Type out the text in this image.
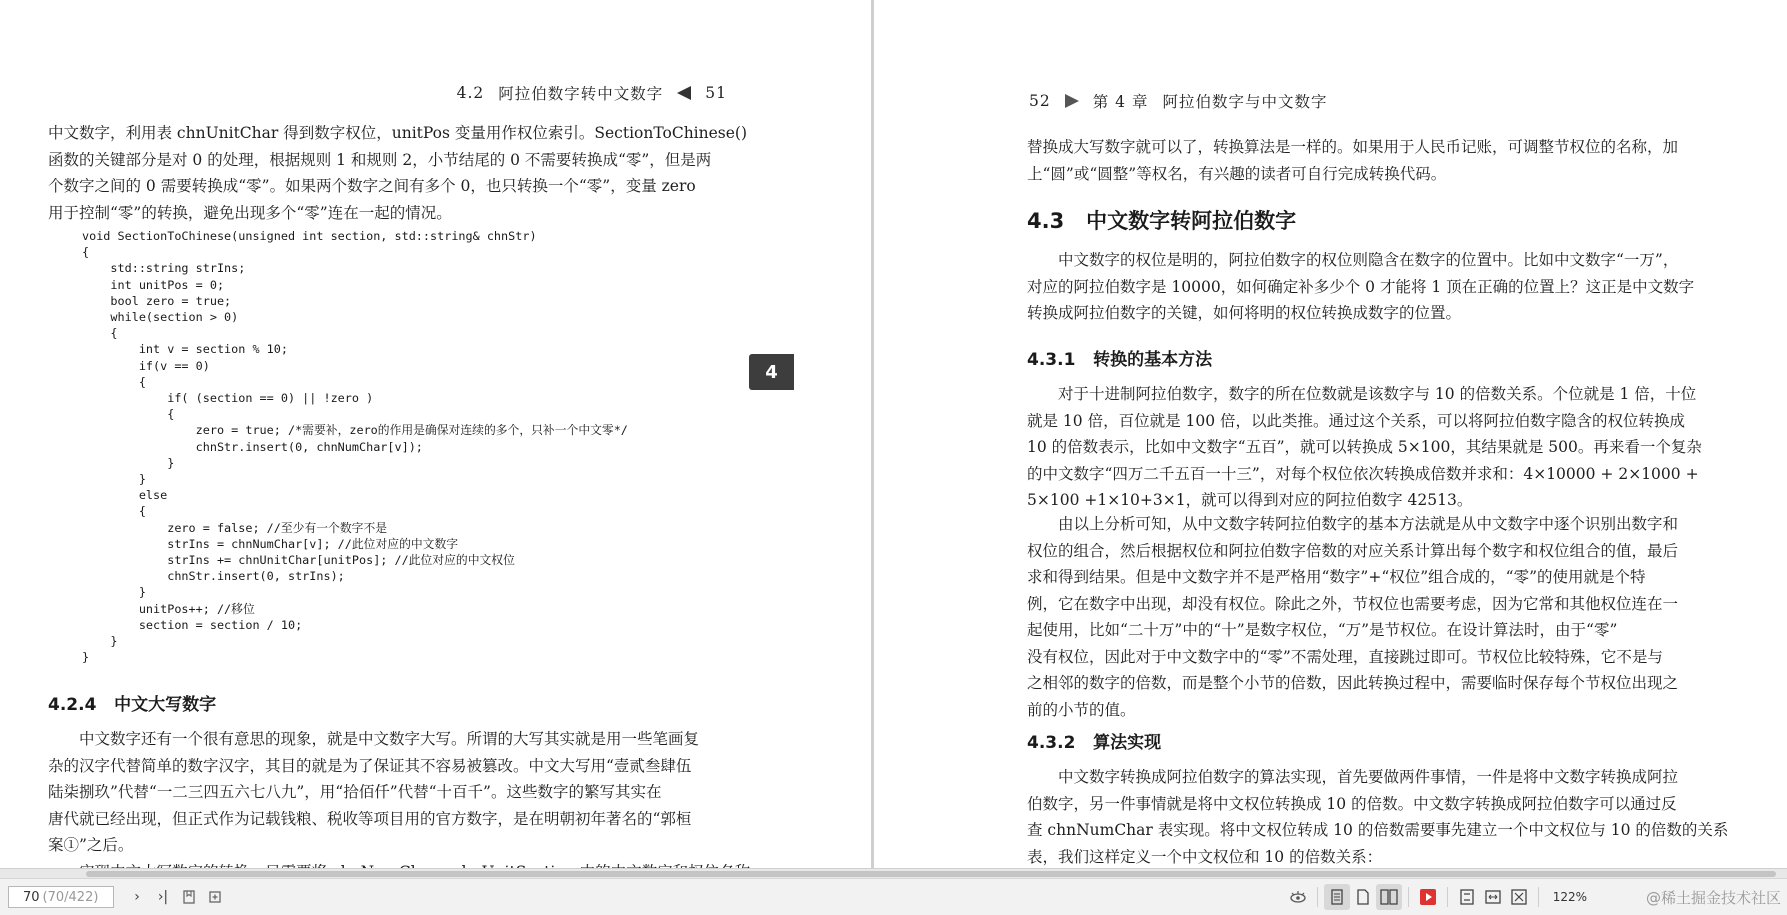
4.2 阿拉伯数字转中文数字	51
中文数字，利用表 chnUnitChar 得到数字权位，unitPos 变量用作权位索引。SectionToChinese()
函数的关键部分是对 0 的处理，根据规则 1 和规则 2，小节结尾的 0 不需要转换成“零”，但是两
个数字之间的 0 需要转换成“零”。如果两个数字之间有多个 0，也只转换一个“零”，变量 zero
用于控制“零”的转换，避免出现多个“零”连在一起的情况。
void SectionToChinese(unsigned int section, std::string& chnStr)
{
std::string strIns;
int unitPos = 0;
bool zero = true;
while(section > 0)
{
int v = section % 10;
if(v == 0)
{
if( (section == 0) || !zero )
{
zero = true; /*需要补，zero的作用是确保对连续的多个，只补一个中文零*/
chnStr.insert(0, chnNumChar[v]);
}
}
else
{
zero = false; //至少有一个数字不是
strIns = chnNumChar[v]; //此位对应的中文数字
strIns += chnUnitChar[unitPos]; //此位对应的中文权位
chnStr.insert(0, strIns);
}
unitPos++; //移位
section = section / 10;
}
}
4.2.4 中文大写数字
中文数字还有一个很有意思的现象，就是中文数字大写。所谓的大写其实就是用一些笔画复
杂的汉字代替简单的数字汉字，其目的就是为了保证其不容易被篡改。中文大写用“壹贰叁肆伍
陆柒捌玖”代替“一二三四五六七八九”，用“拾佰仟”代替“十百千”。这些数字的繁写其实在
唐代就已经出现，但正式作为记载钱粮、税收等项目用的官方数字，是在明朝初年著名的“郭桓
案①”之后。
4
52	第 4 章 阿拉伯数字与中文数字
替换成大写数字就可以了，转换算法是一样的。如果用于人民币记账，可调整节权位的名称，加
上“圆”或“圆整”等权名，有兴趣的读者可自行完成转换代码。
4.3 中文数字转阿拉伯数字
中文数字的权位是明的，阿拉伯数字的权位则隐含在数字的位置中。比如中文数字“一万”，
对应的阿拉伯数字是 10000，如何确定补多少个 0 才能将 1 顶在正确的位置上？这正是中文数字
转换成阿拉伯数字的关键，如何将明的权位转换成数字的位置。
4.3.1 转换的基本方法
对于十进制阿拉伯数字，数字的所在位数就是该数字与 10 的倍数关系。个位就是 1 倍，十位
就是 10 倍，百位就是 100 倍，以此类推。通过这个关系，可以将阿拉伯数字隐含的权位转换成
10 的倍数表示，比如中文数字“五百”，就可以转换成 5×100，其结果就是 500。再来看一个复杂
的中文数字“四万二千五百一十三”，对每个权位依次转换成倍数并求和：4×10000 + 2×1000 +
5×100 +1×10+3×1，就可以得到对应的阿拉伯数字 42513。
由以上分析可知，从中文数字转阿拉伯数字的基本方法就是从中文数字中逐个识别出数字和
权位的组合，然后根据权位和阿拉伯数字倍数的对应关系计算出每个数字和权位组合的值，最后
求和得到结果。但是中文数字并不是严格用“数字”+“权位”组合成的，“零”的使用就是个特
例，它在数字中出现，却没有权位。除此之外，节权位也需要考虑，因为它常和其他权位连在一
起使用，比如“二十万”中的“十”是数字权位，“万”是节权位。在设计算法时，由于“零”
没有权位，因此对于中文数字中的“零”不需处理，直接跳过即可。节权位比较特殊，它不是与
之相邻的数字的倍数，而是整个小节的倍数，因此转换过程中，需要临时保存每个节权位出现之
前的小节的值。
4.3.2 算法实现
中文数字转换成阿拉伯数字的算法实现，首先要做两件事情，一件是将中文数字转换成阿拉
伯数字，另一件事情就是将中文权位转换成 10 的倍数。中文数字转换成阿拉伯数字可以通过反
查 chnNumChar 表实现。将中文权位转成 10 的倍数需要事先建立一个中文权位与 10 的倍数的关系
表，我们这样定义一个中文权位和 10 的倍数关系：
70 (70/422)	›	›|	122%	@稀土掘金技术社区
